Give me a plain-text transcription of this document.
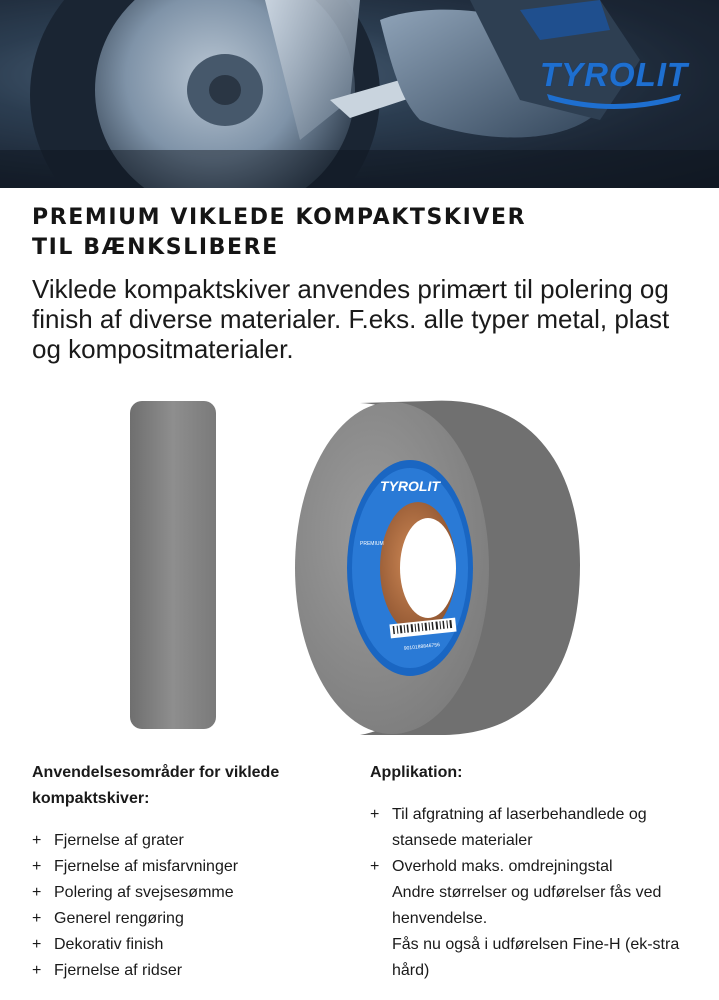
TYROLIT
PREMIUM VIKLEDE KOMPAKTSKIVER
TIL BÆNKSLIBERE
Viklede kompaktskiver anvendes primært til polering og finish af diverse materialer. F.eks. alle typer metal, plast og kompositmaterialer.
TYROLIT
PREMIUM
9010188846756
Anvendelsesområder for viklede kompaktskiver:
+ Fjernelse af grater
+ Fjernelse af misfarvninger
+ Polering af svejsesømme
+ Generel rengøring
+ Dekorativ finish
+ Fjernelse af ridser
Applikation:
+ Til afgratning af laserbehandlede og stansede materialer
+ Overhold maks. omdrejningstal
Andre størrelser og udførelser fås ved henvendelse.
Fås nu også i udførelsen Fine-H (ek-stra hård)
